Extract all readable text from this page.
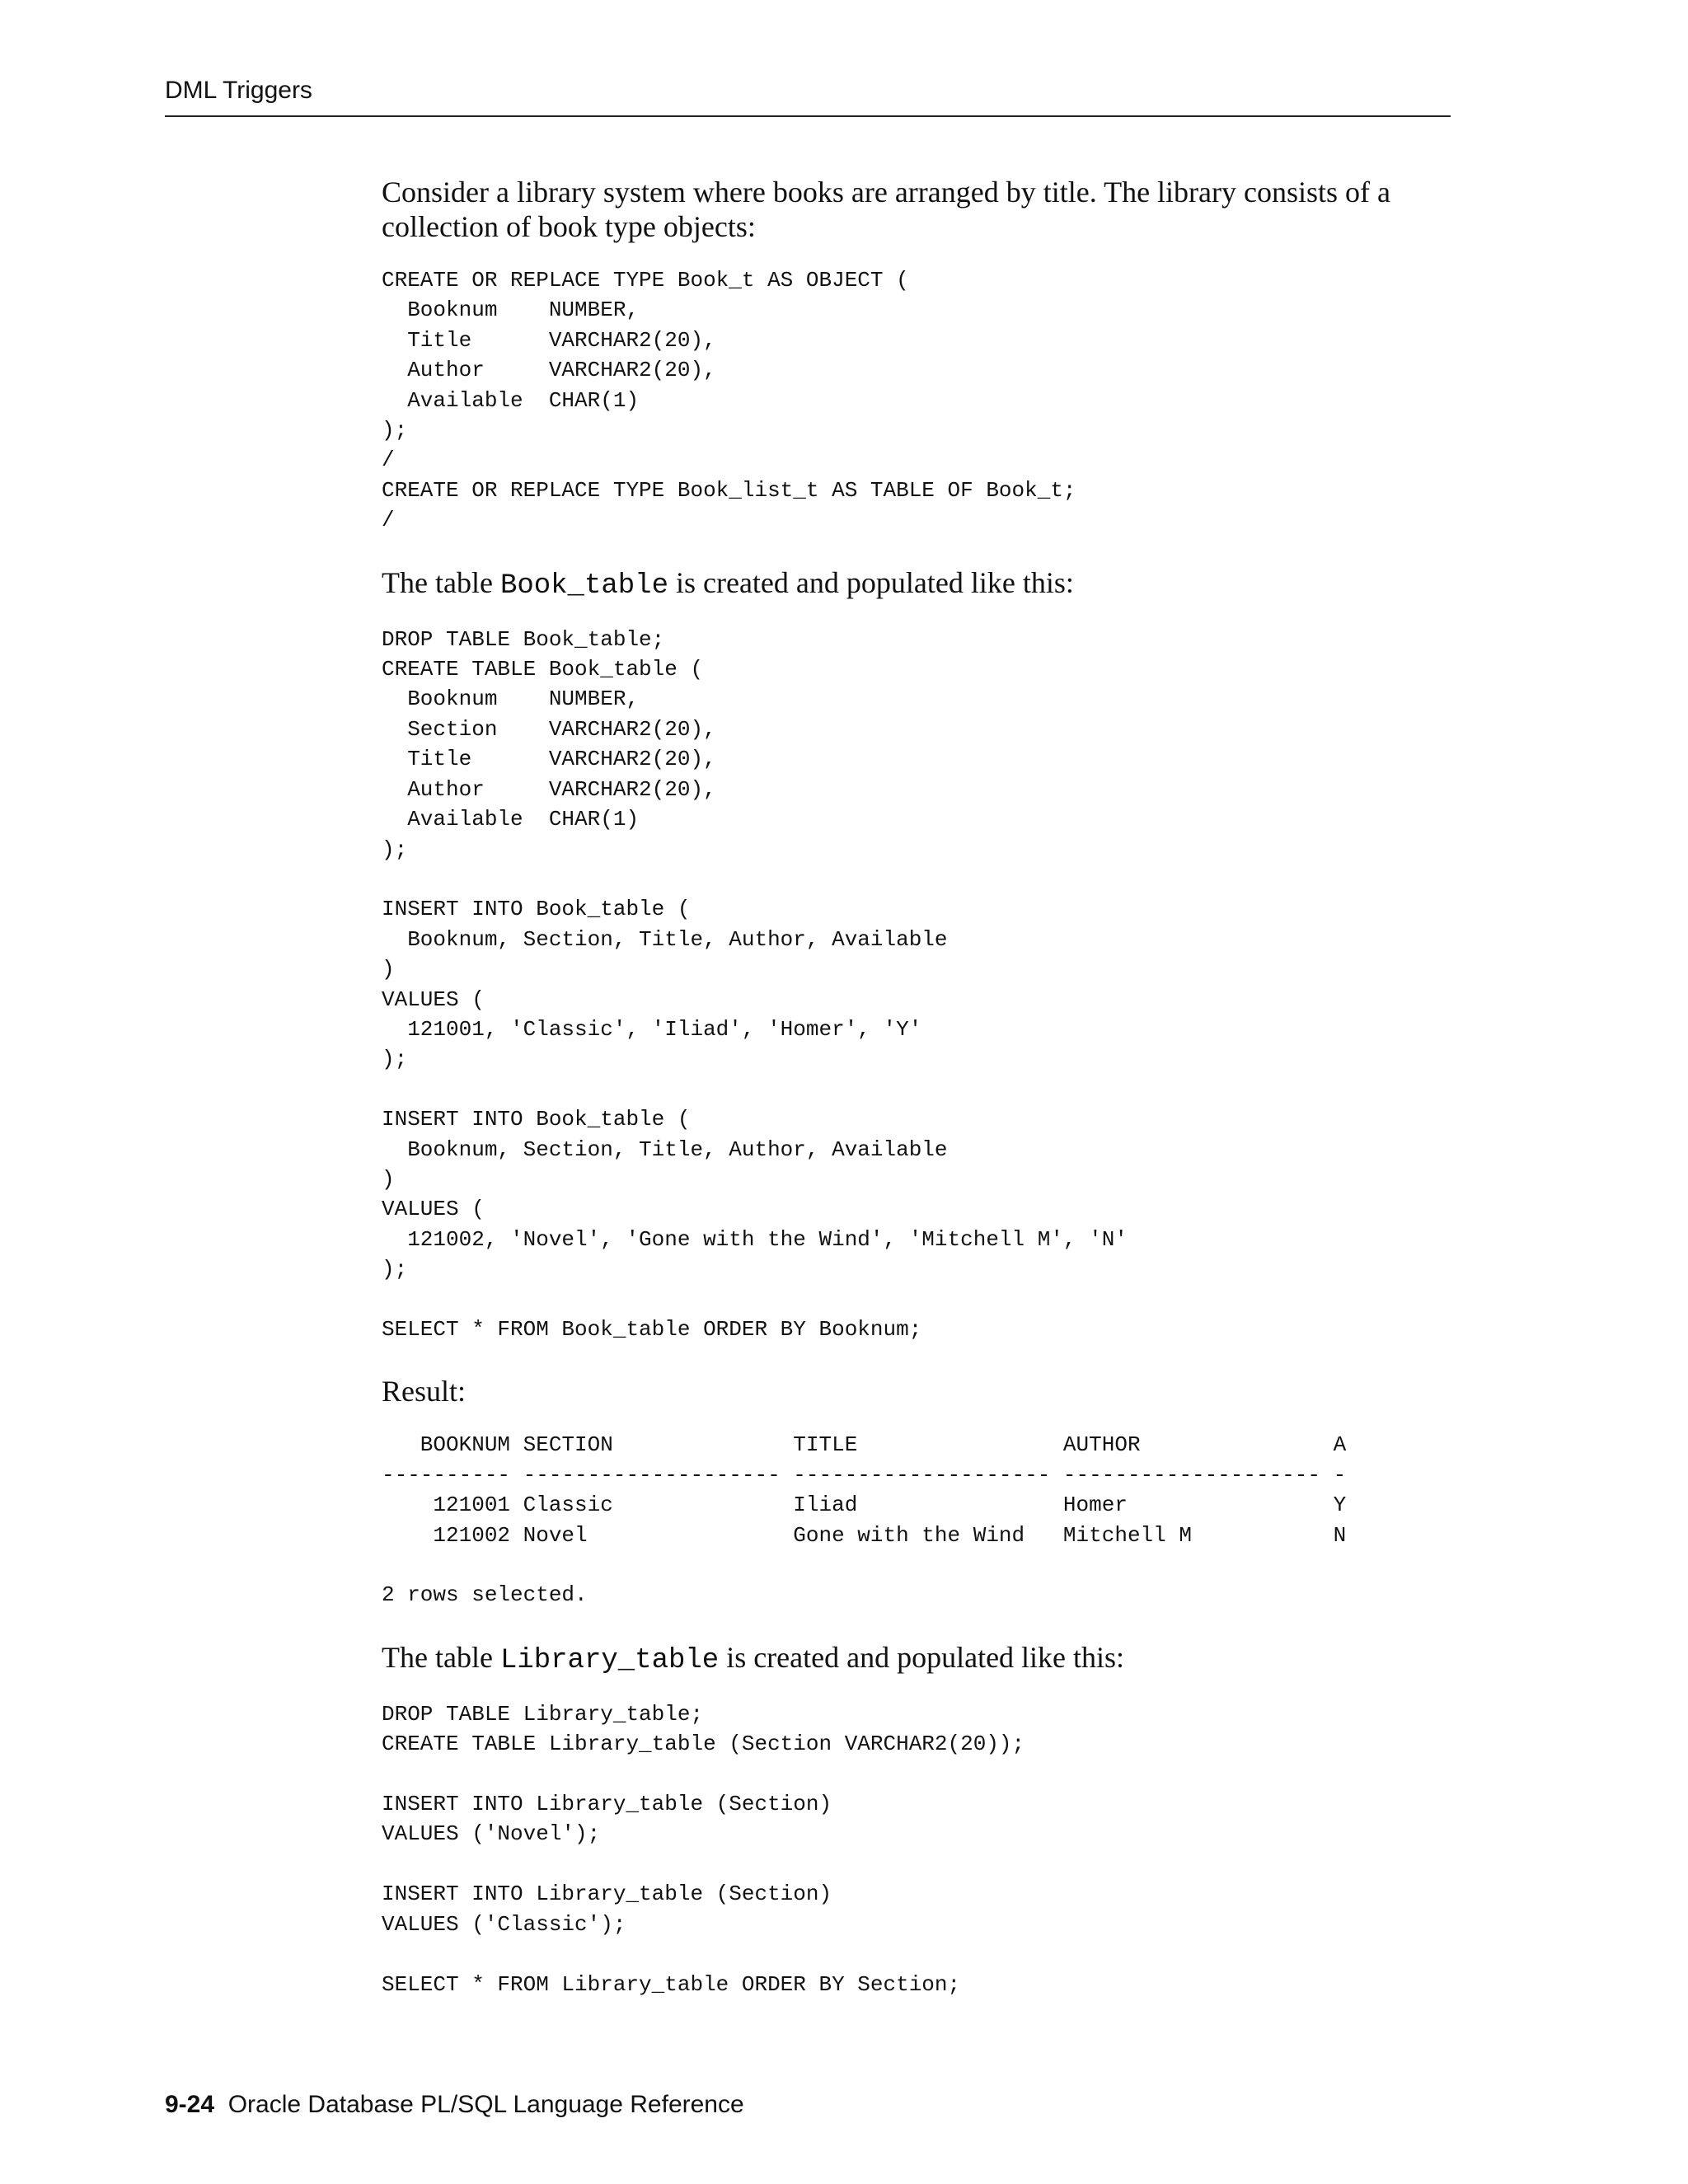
DML Triggers

Consider a library system where books are arranged by title. The library consists of a
collection of book type objects:

CREATE OR REPLACE TYPE Book_t AS OBJECT (
Booknum    NUMBER,
Title      VARCHAR2(20),
Author     VARCHAR2(20),
Available  CHAR(1)
);
/
CREATE OR REPLACE TYPE Book_list_t AS TABLE OF Book_t;
/

The table Book_table is created and populated like this:

DROP TABLE Book_table;
CREATE TABLE Book_table (
Booknum    NUMBER,
Section    VARCHAR2(20),
Title      VARCHAR2(20),
Author     VARCHAR2(20),
Available  CHAR(1)
);

INSERT INTO Book_table (
Booknum, Section, Title, Author, Available
)
VALUES (
121001, 'Classic', 'Iliad', 'Homer', 'Y'
);

INSERT INTO Book_table (
Booknum, Section, Title, Author, Available
)
VALUES (
121002, 'Novel', 'Gone with the Wind', 'Mitchell M', 'N'
);

SELECT * FROM Book_table ORDER BY Booknum;

Result:

BOOKNUM SECTION              TITLE                AUTHOR               A
---------- -------------------- -------------------- -------------------- -
121001 Classic              Iliad                Homer                Y
121002 Novel                Gone with the Wind   Mitchell M           N

2 rows selected.

The table Library_table is created and populated like this:

DROP TABLE Library_table;
CREATE TABLE Library_table (Section VARCHAR2(20));

INSERT INTO Library_table (Section)
VALUES ('Novel');

INSERT INTO Library_table (Section)
VALUES ('Classic');

SELECT * FROM Library_table ORDER BY Section;
9-24 Oracle Database PL/SQL Language Reference
